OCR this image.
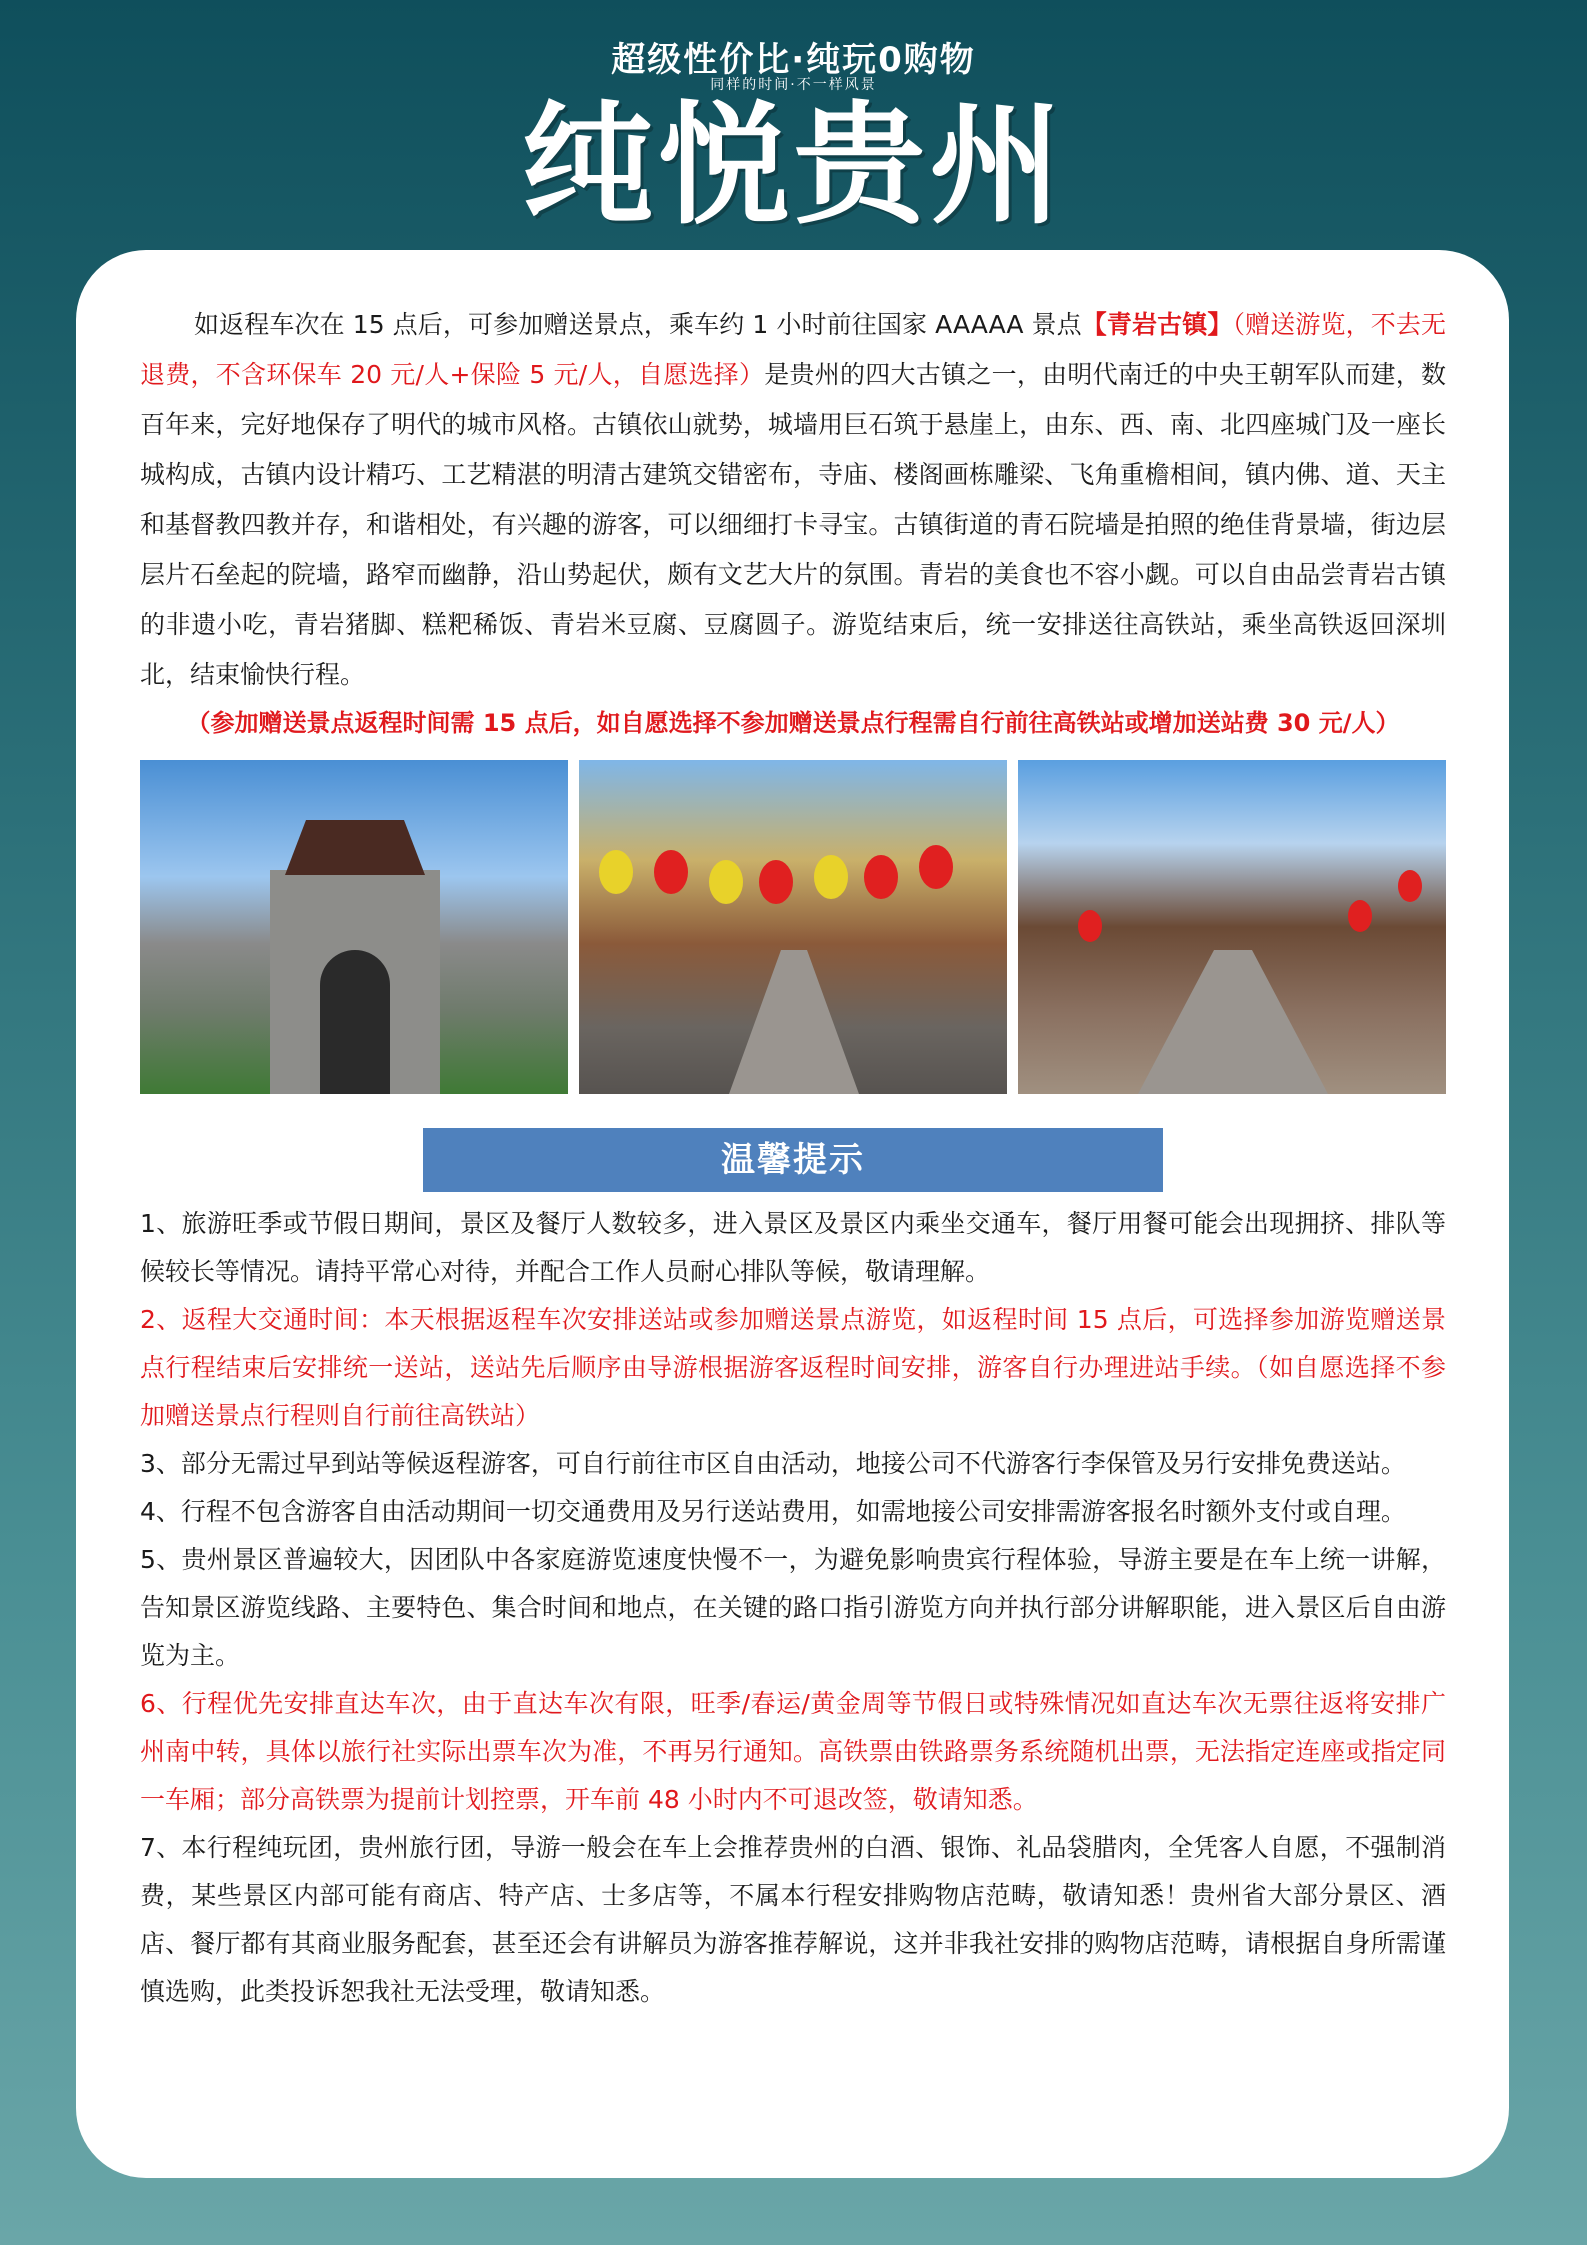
超级性价比·纯玩0购物
同样的时间·不一样风景
纯悦贵州

如返程车次在 15 点后，可参加赠送景点，乘车约 1 小时前往国家 AAAAA 景点【青岩古镇】（赠送游览，不去无退费，不含环保车 20 元/人+保险 5 元/人，自愿选择）是贵州的四大古镇之一，由明代南迁的中央王朝军队而建，数百年来，完好地保存了明代的城市风格。古镇依山就势，城墙用巨石筑于悬崖上，由东、西、南、北四座城门及一座长城构成，古镇内设计精巧、工艺精湛的明清古建筑交错密布，寺庙、楼阁画栋雕梁、飞角重檐相间，镇内佛、道、天主和基督教四教并存，和谐相处，有兴趣的游客，可以细细打卡寻宝。古镇街道的青石院墙是拍照的绝佳背景墙，街边层层片石垒起的院墙，路窄而幽静，沿山势起伏，颇有文艺大片的氛围。青岩的美食也不容小觑。可以自由品尝青岩古镇的非遗小吃，青岩猪脚、糕粑稀饭、青岩米豆腐、豆腐圆子。游览结束后，统一安排送往高铁站，乘坐高铁返回深圳北，结束愉快行程。

（参加赠送景点返程时间需 15 点后，如自愿选择不参加赠送景点行程需自行前往高铁站或增加送站费 30 元/人）

温馨提示

1、旅游旺季或节假日期间，景区及餐厅人数较多，进入景区及景区内乘坐交通车，餐厅用餐可能会出现拥挤、排队等候较长等情况。请持平常心对待，并配合工作人员耐心排队等候，敬请理解。

2、返程大交通时间：本天根据返程车次安排送站或参加赠送景点游览，如返程时间 15 点后，可选择参加游览赠送景点行程结束后安排统一送站，送站先后顺序由导游根据游客返程时间安排，游客自行办理进站手续。（如自愿选择不参加赠送景点行程则自行前往高铁站）

3、部分无需过早到站等候返程游客，可自行前往市区自由活动，地接公司不代游客行李保管及另行安排免费送站。

4、行程不包含游客自由活动期间一切交通费用及另行送站费用，如需地接公司安排需游客报名时额外支付或自理。

5、贵州景区普遍较大，因团队中各家庭游览速度快慢不一，为避免影响贵宾行程体验，导游主要是在车上统一讲解，告知景区游览线路、主要特色、集合时间和地点，在关键的路口指引游览方向并执行部分讲解职能，进入景区后自由游览为主。

6、行程优先安排直达车次，由于直达车次有限，旺季/春运/黄金周等节假日或特殊情况如直达车次无票往返将安排广州南中转，具体以旅行社实际出票车次为准，不再另行通知。高铁票由铁路票务系统随机出票，无法指定连座或指定同一车厢；部分高铁票为提前计划控票，开车前 48 小时内不可退改签，敬请知悉。

7、本行程纯玩团，贵州旅行团，导游一般会在车上会推荐贵州的白酒、银饰、礼品袋腊肉，全凭客人自愿，不强制消费，某些景区内部可能有商店、特产店、士多店等，不属本行程安排购物店范畴，敬请知悉！贵州省大部分景区、酒店、餐厅都有其商业服务配套，甚至还会有讲解员为游客推荐解说，这并非我社安排的购物店范畴，请根据自身所需谨慎选购，此类投诉恕我社无法受理，敬请知悉。
